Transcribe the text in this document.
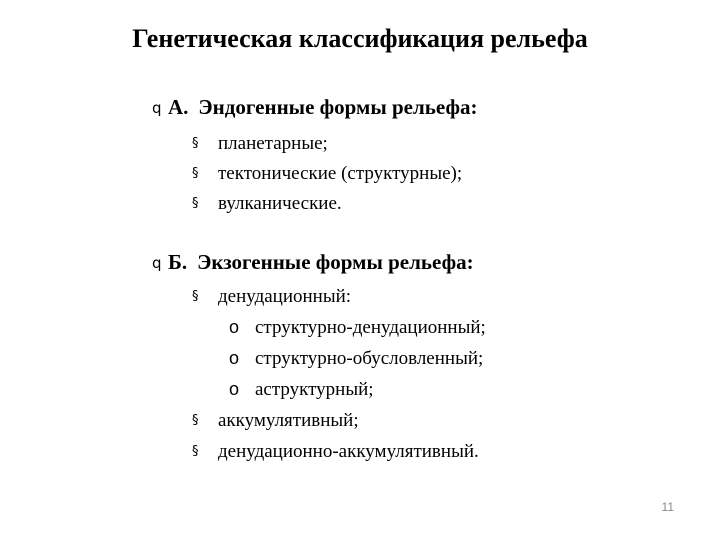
Генетическая классификация рельефа
q А. Эндогенные формы рельефа:
§ планетарные;
§ тектонические (структурные);
§ вулканические.
q Б. Экзогенные формы рельефа:
§ денудационный:
o структурно-денудационный;
o структурно-обусловленный;
o аструктурный;
§ аккумулятивный;
§ денудационно-аккумулятивный.
11
